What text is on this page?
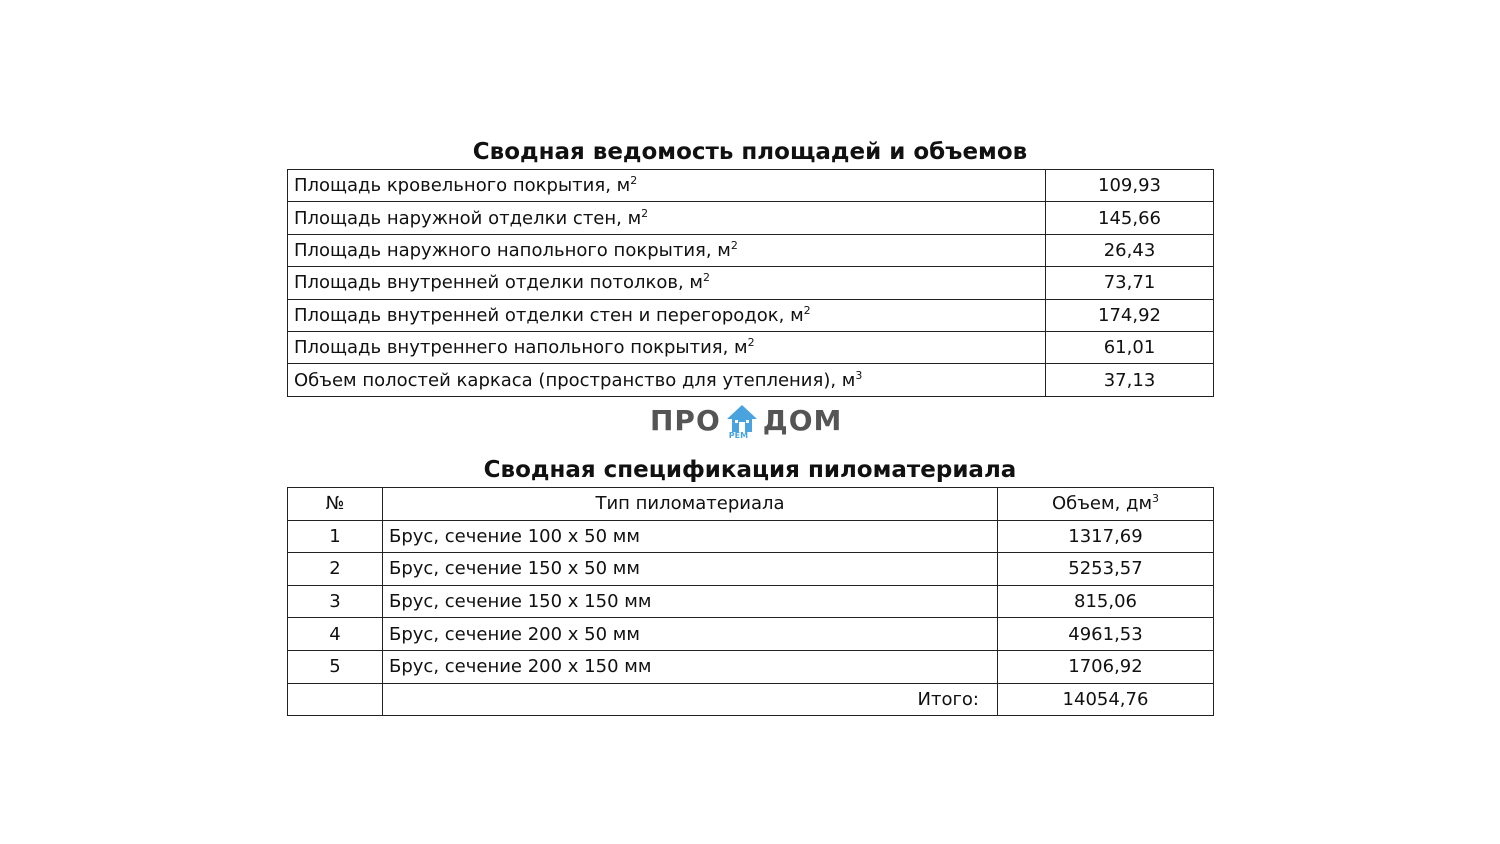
Сводная ведомость площадей и объемов
Площадь кровельного покрытия, $м^2$	109,93
Площадь наружной отделки стен, $м^2$	145,66
Площадь наружного напольного покрытия, $м^2$	26,43
Площадь внутренней отделки потолков, $м^2$	73,71
Площадь внутренней отделки стен и перегородок, $м^2$	174,92
Площадь внутреннего напольного покрытия, $м^2$	61,01
Объем полостей каркаса (пространство для утепления), $м^3$	37,13
ПРО РЕМ ДОМ
Сводная спецификация пиломатериала
№	Тип пиломатериала	Объем, $дм^3$
1	Брус, сечение 100 х 50 мм	1317,69
2	Брус, сечение 150 х 50 мм	5253,57
3	Брус, сечение 150 х 150 мм	815,06
4	Брус, сечение 200 х 50 мм	4961,53
5	Брус, сечение 200 х 150 мм	1706,92
	Итого:	14054,76
